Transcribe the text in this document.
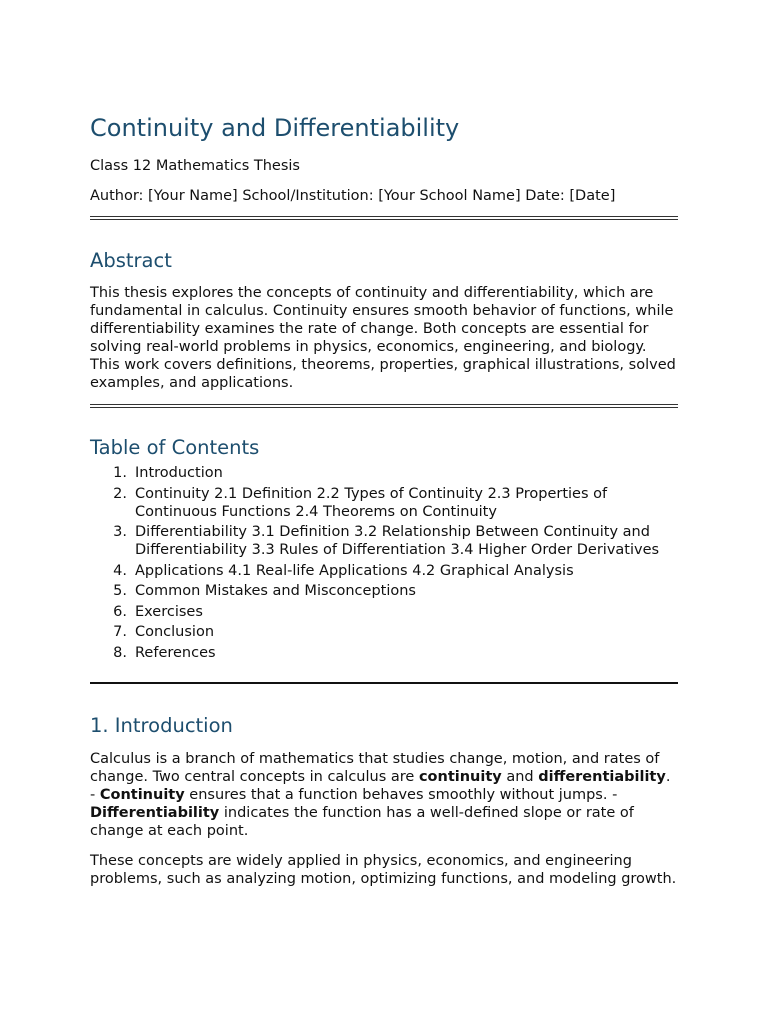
Continuity and Differentiability

Class 12 Mathematics Thesis

Author: [Your Name] School/Institution: [Your School Name] Date: [Date]

Abstract

This thesis explores the concepts of continuity and differentiability, which are fundamental in calculus. Continuity ensures smooth behavior of functions, while differentiability examines the rate of change. Both concepts are essential for solving real-world problems in physics, economics, engineering, and biology. This work covers definitions, theorems, properties, graphical illustrations, solved examples, and applications.

Table of Contents
1. Introduction
2. Continuity 2.1 Definition 2.2 Types of Continuity 2.3 Properties of Continuous Functions 2.4 Theorems on Continuity
3. Differentiability 3.1 Definition 3.2 Relationship Between Continuity and Differentiability 3.3 Rules of Differentiation 3.4 Higher Order Derivatives
4. Applications 4.1 Real-life Applications 4.2 Graphical Analysis
5. Common Mistakes and Misconceptions
6. Exercises
7. Conclusion
8. References
1. Introduction

Calculus is a branch of mathematics that studies change, motion, and rates of change. Two central concepts in calculus are continuity and differentiability. - Continuity ensures that a function behaves smoothly without jumps. - Differentiability indicates the function has a well-defined slope or rate of change at each point.

These concepts are widely applied in physics, economics, and engineering problems, such as analyzing motion, optimizing functions, and modeling growth.
